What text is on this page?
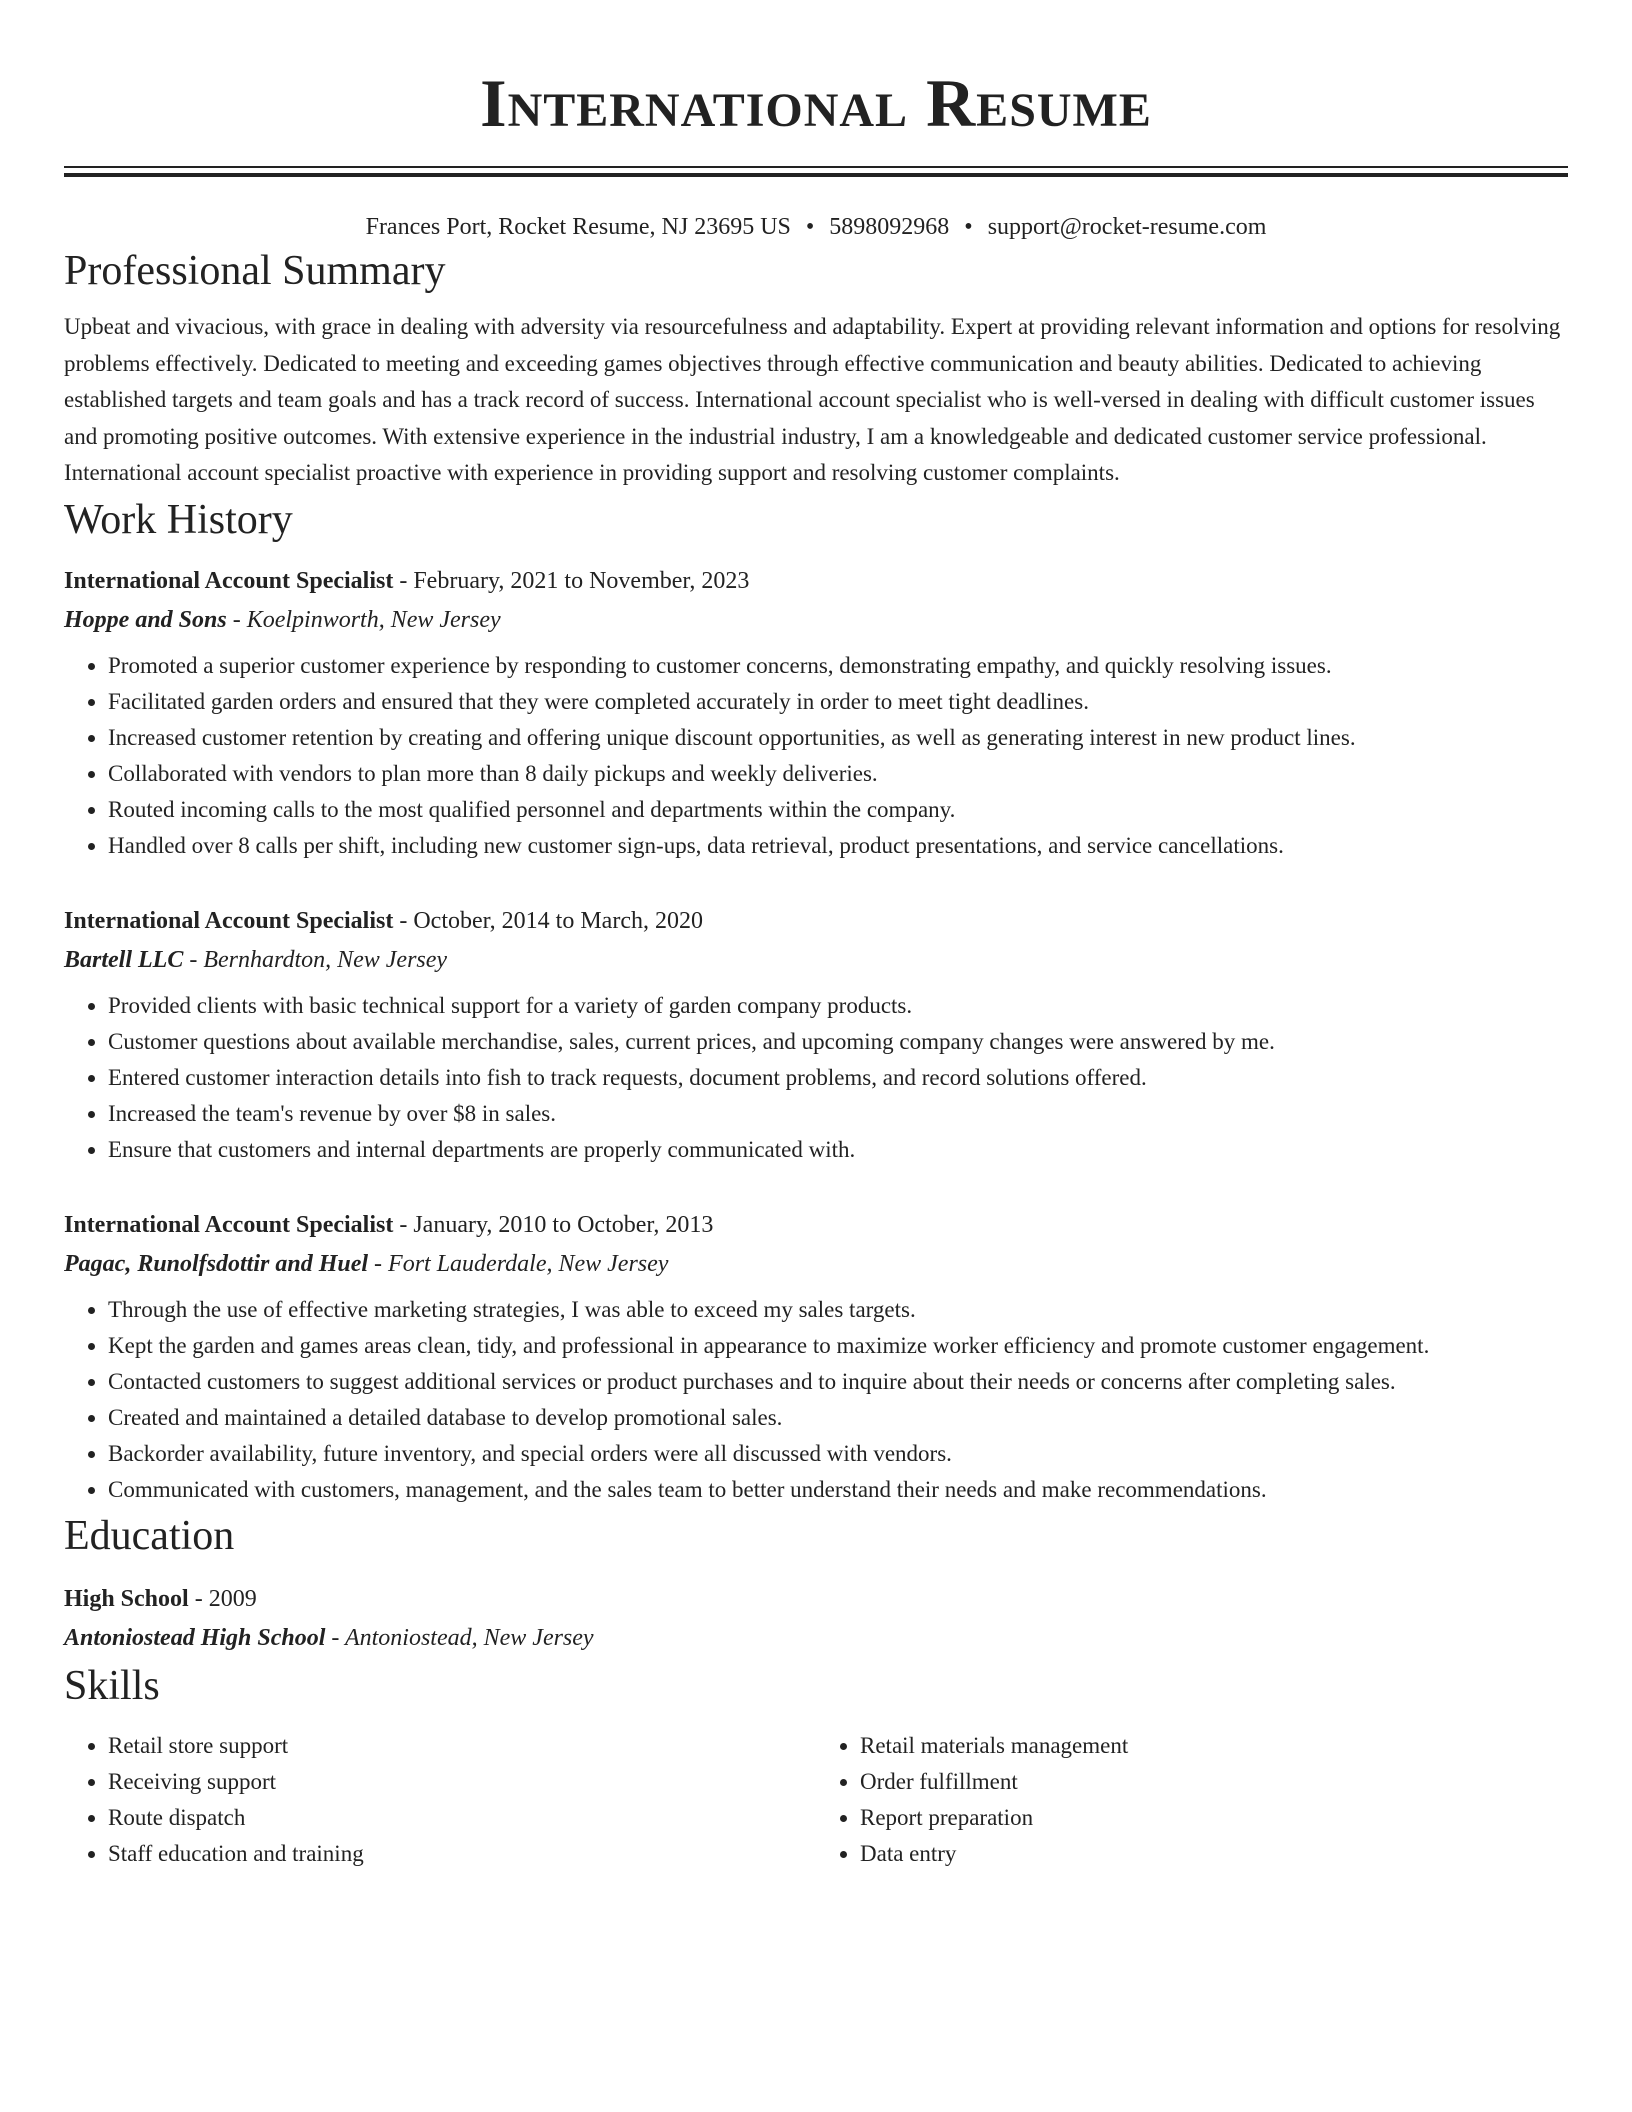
International Resume
Frances Port, Rocket Resume, NJ 23695 US • 5898092968 • support@rocket-resume.com
Professional Summary
Upbeat and vivacious, with grace in dealing with adversity via resourcefulness and adaptability. Expert at providing relevant information and options for resolving problems effectively. Dedicated to meeting and exceeding games objectives through effective communication and beauty abilities. Dedicated to achieving established targets and team goals and has a track record of success. International account specialist who is well-versed in dealing with difficult customer issues and promoting positive outcomes. With extensive experience in the industrial industry, I am a knowledgeable and dedicated customer service professional. International account specialist proactive with experience in providing support and resolving customer complaints.
Work History
International Account Specialist - February, 2021 to November, 2023
Hoppe and Sons - Koelpinworth, New Jersey
• Promoted a superior customer experience by responding to customer concerns, demonstrating empathy, and quickly resolving issues.
• Facilitated garden orders and ensured that they were completed accurately in order to meet tight deadlines.
• Increased customer retention by creating and offering unique discount opportunities, as well as generating interest in new product lines.
• Collaborated with vendors to plan more than 8 daily pickups and weekly deliveries.
• Routed incoming calls to the most qualified personnel and departments within the company.
• Handled over 8 calls per shift, including new customer sign-ups, data retrieval, product presentations, and service cancellations.
International Account Specialist - October, 2014 to March, 2020
Bartell LLC - Bernhardton, New Jersey
• Provided clients with basic technical support for a variety of garden company products.
• Customer questions about available merchandise, sales, current prices, and upcoming company changes were answered by me.
• Entered customer interaction details into fish to track requests, document problems, and record solutions offered.
• Increased the team's revenue by over $8 in sales.
• Ensure that customers and internal departments are properly communicated with.
International Account Specialist - January, 2010 to October, 2013
Pagac, Runolfsdottir and Huel - Fort Lauderdale, New Jersey
• Through the use of effective marketing strategies, I was able to exceed my sales targets.
• Kept the garden and games areas clean, tidy, and professional in appearance to maximize worker efficiency and promote customer engagement.
• Contacted customers to suggest additional services or product purchases and to inquire about their needs or concerns after completing sales.
• Created and maintained a detailed database to develop promotional sales.
• Backorder availability, future inventory, and special orders were all discussed with vendors.
• Communicated with customers, management, and the sales team to better understand their needs and make recommendations.
Education
High School - 2009
Antoniostead High School - Antoniostead, New Jersey
Skills
• Retail store support
• Receiving support
• Route dispatch
• Staff education and training
• Retail materials management
• Order fulfillment
• Report preparation
• Data entry
